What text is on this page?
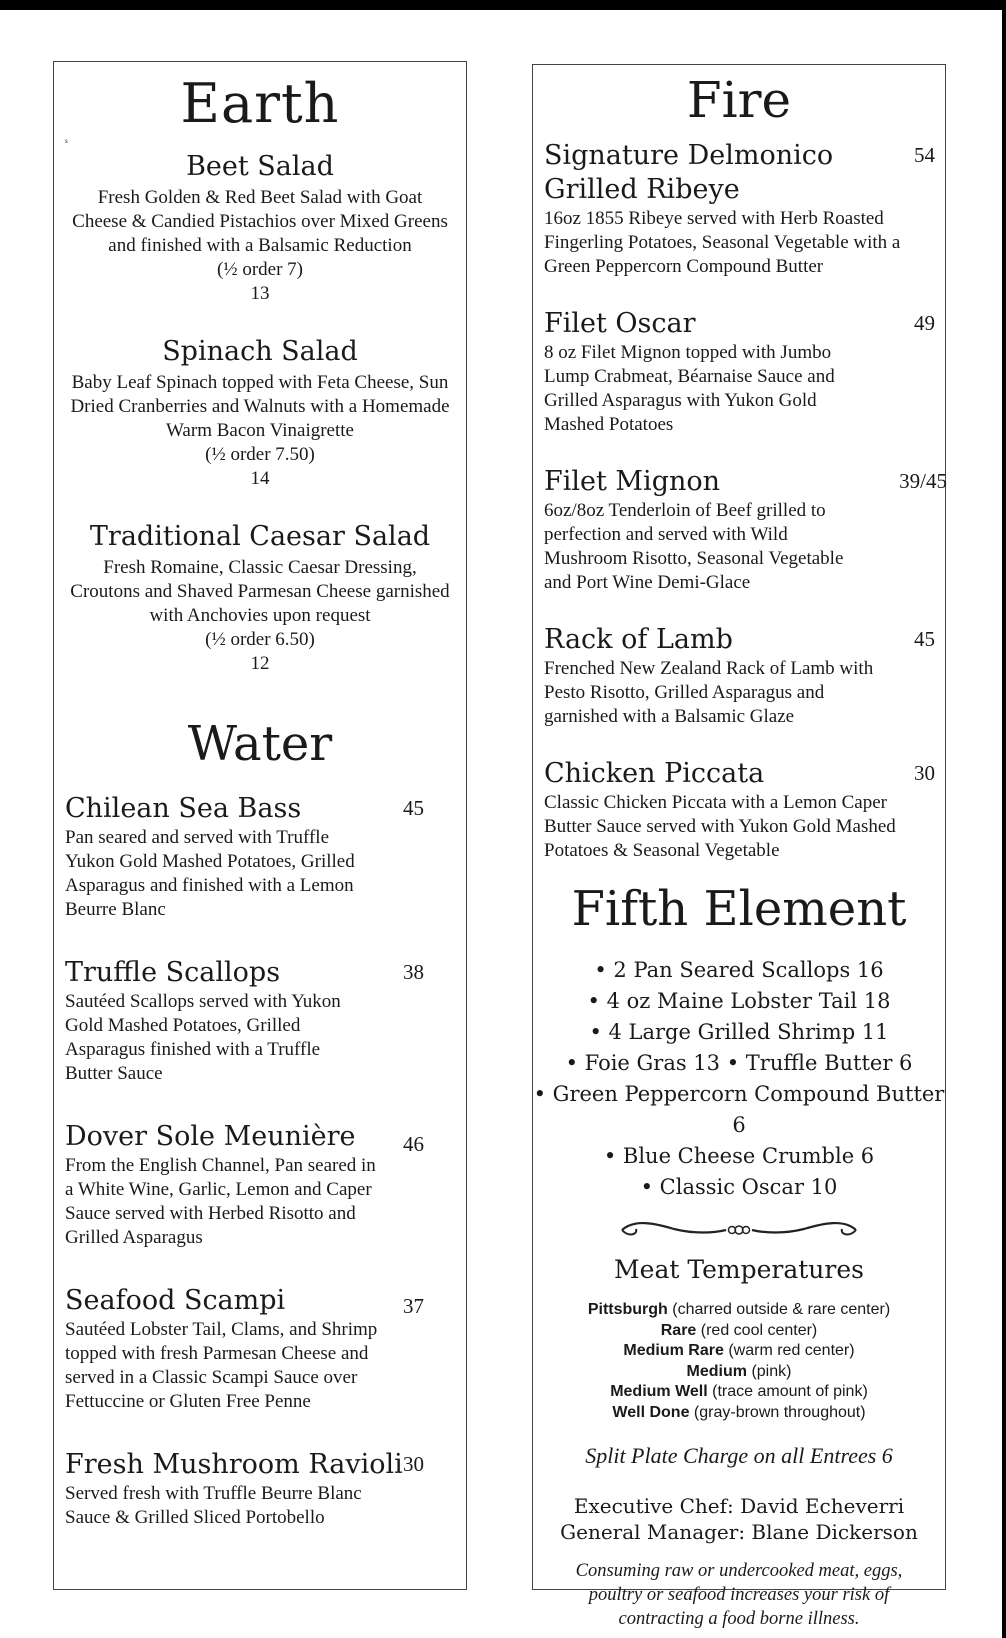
Earth
s
Beet Salad
Fresh Golden & Red Beet Salad with Goat Cheese & Candied Pistachios over Mixed Greens and finished with a Balsamic Reduction
(½ order 7)
13
Spinach Salad
Baby Leaf Spinach topped with Feta Cheese, Sun Dried Cranberries and Walnuts with a Homemade Warm Bacon Vinaigrette
(½ order 7.50)
14
Traditional Caesar Salad
Fresh Romaine, Classic Caesar Dressing, Croutons and Shaved Parmesan Cheese garnished with Anchovies upon request
(½ order 6.50)
12
Water
Chilean Sea Bass	45
Pan seared and served with Truffle Yukon Gold Mashed Potatoes, Grilled Asparagus and finished with a Lemon Beurre Blanc
Truffle Scallops	38
Sautéed Scallops served with Yukon Gold Mashed Potatoes, Grilled Asparagus finished with a Truffle Butter Sauce
Dover Sole Meunière	46
From the English Channel, Pan seared in a White Wine, Garlic, Lemon and Caper Sauce served with Herbed Risotto and Grilled Asparagus
Seafood Scampi	37
Sautéed Lobster Tail, Clams, and Shrimp topped with fresh Parmesan Cheese and served in a Classic Scampi Sauce over Fettuccine or Gluten Free Penne
Fresh Mushroom Ravioli 30
Served fresh with Truffle Beurre Blanc Sauce & Grilled Sliced Portobello
Fire
Signature Delmonico Grilled Ribeye
54
16oz 1855 Ribeye served with Herb Roasted Fingerling Potatoes, Seasonal Vegetable with a Green Peppercorn Compound Butter
Filet Oscar	49
8 oz Filet Mignon topped with Jumbo Lump Crabmeat, Béarnaise Sauce and Grilled Asparagus with Yukon Gold Mashed Potatoes
Filet Mignon	39/45
6oz/8oz Tenderloin of Beef grilled to perfection and served with Wild Mushroom Risotto, Seasonal Vegetable and Port Wine Demi-Glace
Rack of Lamb	45
Frenched New Zealand Rack of Lamb with Pesto Risotto, Grilled Asparagus and garnished with a Balsamic Glaze
Chicken Piccata	30
Classic Chicken Piccata with a Lemon Caper Butter Sauce served with Yukon Gold Mashed Potatoes & Seasonal Vegetable
Fifth Element
• 2 Pan Seared Scallops 16
• 4 oz Maine Lobster Tail 18
• 4 Large Grilled Shrimp 11
• Foie Gras 13 • Truffle Butter 6
• Green Peppercorn Compound Butter 6
• Blue Cheese Crumble 6
• Classic Oscar 10
Meat Temperatures
Pittsburgh (charred outside & rare center)
Rare (red cool center)
Medium Rare (warm red center)
Medium (pink)
Medium Well (trace amount of pink)
Well Done (gray-brown throughout)
Split Plate Charge on all Entrees 6
Executive Chef: David Echeverri
General Manager: Blane Dickerson
Consuming raw or undercooked meat, eggs, poultry or seafood increases your risk of contracting a food borne illness.
